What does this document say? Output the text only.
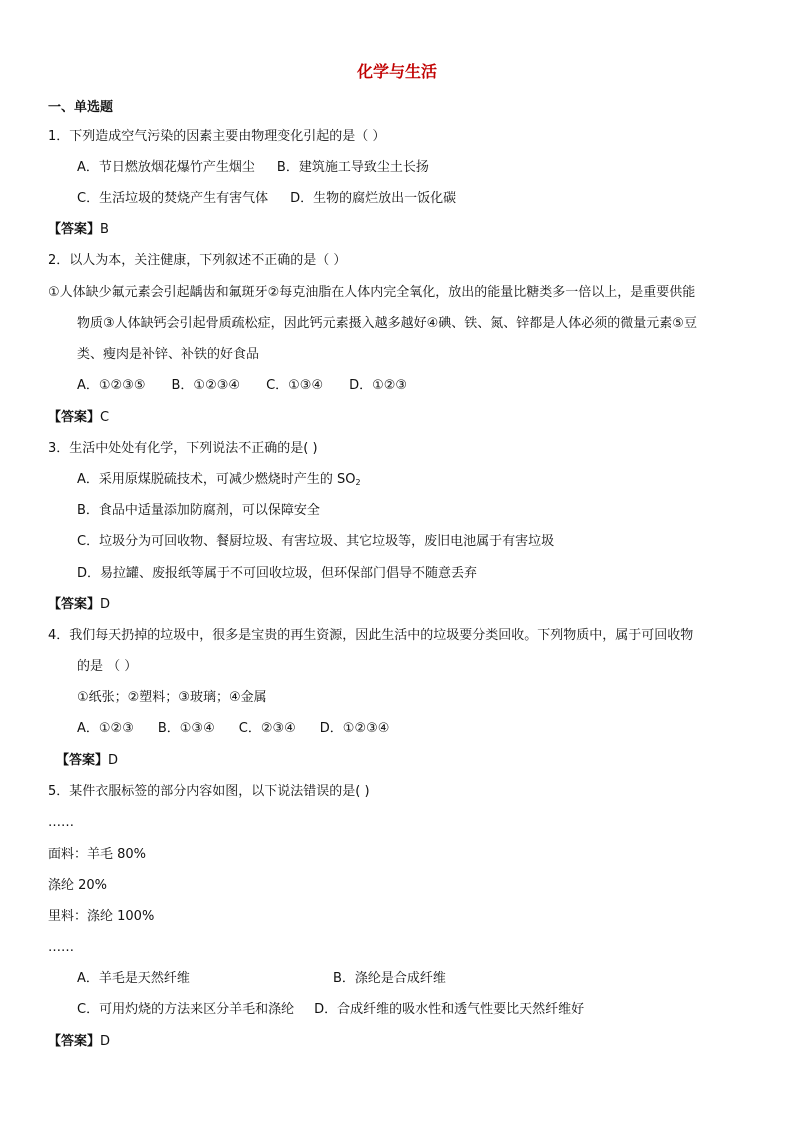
化学与生活
一、单选题
1．下列造成空气污染的因素主要由物理变化引起的是（ ）
A．节日燃放烟花爆竹产生烟尘 B．建筑施工导致尘土长扬
C．生活垃圾的焚烧产生有害气体 D．生物的腐烂放出一饭化碳
【答案】B
2．以人为本，关注健康，下列叙述不正确的是（ ）
①人体缺少氟元素会引起龋齿和氟斑牙②每克油脂在人体内完全氧化，放出的能量比糖类多一倍以上，是重要供能
物质③人体缺钙会引起骨质疏松症，因此钙元素摄入越多越好④碘、铁、氮、锌都是人体必须的微量元素⑤豆
类、瘦肉是补锌、补铁的好食品
A．①②③⑤ B．①②③④ C．①③④ D．①②③
【答案】C
3．生活中处处有化学，下列说法不正确的是( )
A．采用原煤脱硫技术，可减少燃烧时产生的 $SO_2$
B．食品中适量添加防腐剂，可以保障安全
C．垃圾分为可回收物、餐厨垃圾、有害垃圾、其它垃圾等，废旧电池属于有害垃圾
D．易拉罐、废报纸等属于不可回收垃圾，但环保部门倡导不随意丢弃
【答案】D
4．我们每天扔掉的垃圾中，很多是宝贵的再生资源，因此生活中的垃圾要分类回收。下列物质中，属于可回收物
的是 （ ）
①纸张；②塑料；③玻璃；④金属
A．①②③ B．①③④ C．②③④ D．①②③④
【答案】D
5．某件衣服标签的部分内容如图，以下说法错误的是( )
……
面料：羊毛 80%
涤纶 20%
里料：涤纶 100%
……
A．羊毛是天然纤维	B．涤纶是合成纤维
C．可用灼烧的方法来区分羊毛和涤纶 D．合成纤维的吸水性和透气性要比天然纤维好
【答案】D
